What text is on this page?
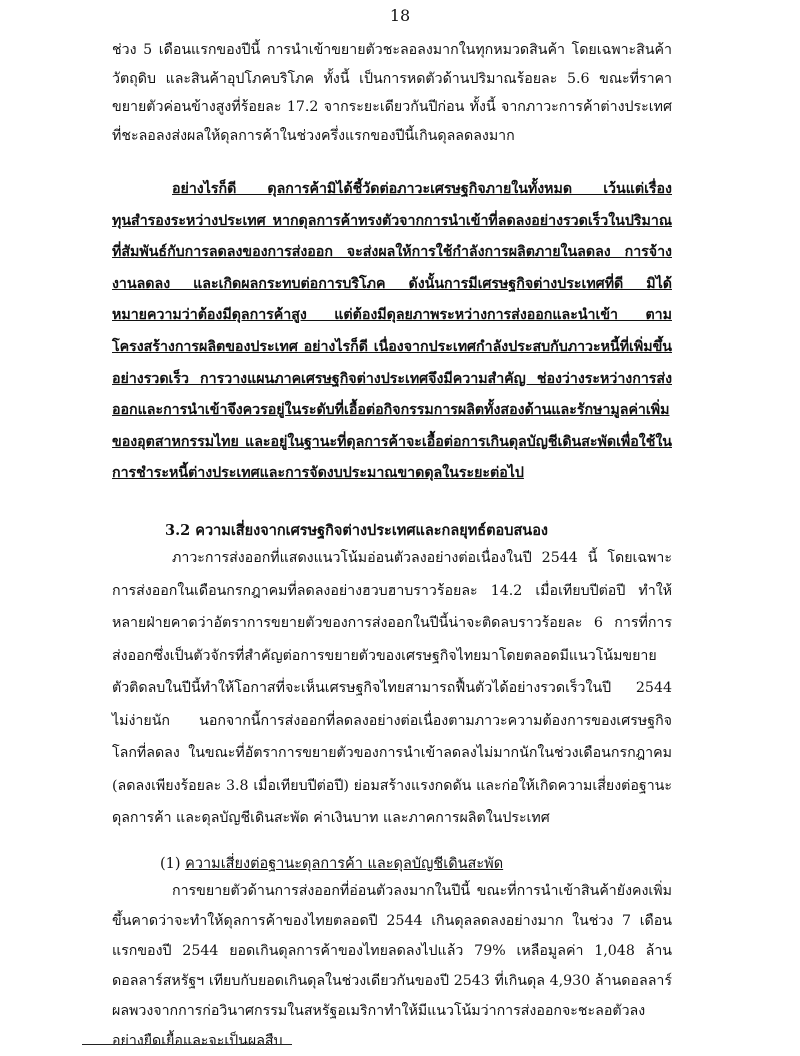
18

ช่วง 5 เดือนแรกของปีนี้ การนำเข้าขยายตัวชะลอลงมากในทุกหมวดสินค้า โดยเฉพาะสินค้าวัตถุดิบ และสินค้าอุปโภคบริโภค ทั้งนี้ เป็นการหดตัวด้านปริมาณร้อยละ 5.6 ขณะที่ราคาขยายตัวค่อนข้างสูงที่ร้อยละ 17.2 จากระยะเดียวกันปีก่อน ทั้งนี้ จากภาวะการค้าต่างประเทศที่ชะลอลงส่งผลให้ดุลการค้าในช่วงครึ่งแรกของปีนี้เกินดุลลดลงมาก

อย่างไรก็ดี ดุลการค้ามิได้ชี้วัดต่อภาวะเศรษฐกิจภายในทั้งหมด เว้นแต่เรื่องทุนสำรองระหว่างประเทศ หากดุลการค้าทรงตัวจากการนำเข้าที่ลดลงอย่างรวดเร็วในปริมาณที่สัมพันธ์กับการลดลงของการส่งออก จะส่งผลให้การใช้กำลังการผลิตภายในลดลง การจ้างงานลดลง และเกิดผลกระทบต่อการบริโภค ดังนั้นการมีเศรษฐกิจต่างประเทศที่ดี มิได้หมายความว่าต้องมีดุลการค้าสูง แต่ต้องมีดุลยภาพระหว่างการส่งออกและนำเข้า ตามโครงสร้างการผลิตของประเทศ อย่างไรก็ดี เนื่องจากประเทศกำลังประสบกับภาวะหนี้ที่เพิ่มขึ้นอย่างรวดเร็ว การวางแผนภาคเศรษฐกิจต่างประเทศจึงมีความสำคัญ ช่องว่างระหว่างการส่งออกและการนำเข้าจึงควรอยู่ในระดับที่เอื้อต่อกิจกรรมการผลิตทั้งสองด้านและรักษามูลค่าเพิ่มของอุตสาหกรรมไทย และอยู่ในฐานะที่ดุลการค้าจะเอื้อต่อการเกินดุลบัญชีเดินสะพัดเพื่อใช้ในการชำระหนี้ต่างประเทศและการจัดงบประมาณขาดดุลในระยะต่อไป

3.2 ความเสี่ยงจากเศรษฐกิจต่างประเทศและกลยุทธ์ตอบสนอง

ภาวะการส่งออกที่แสดงแนวโน้มอ่อนตัวลงอย่างต่อเนื่องในปี 2544 นี้ โดยเฉพาะการส่งออกในเดือนกรกฎาคมที่ลดลงอย่างฮวบฮาบราวร้อยละ 14.2 เมื่อเทียบปีต่อปี ทำให้หลายฝ่ายคาดว่าอัตราการขยายตัวของการส่งออกในปีนี้น่าจะติดลบราวร้อยละ 6 การที่การส่งออกซึ่งเป็นตัวจักรที่สำคัญต่อการขยายตัวของเศรษฐกิจไทยมาโดยตลอดมีแนวโน้มขยายตัวติดลบในปีนี้ทำให้โอกาสที่จะเห็นเศรษฐกิจไทยสามารถฟื้นตัวได้อย่างรวดเร็วในปี 2544 ไม่ง่ายนัก นอกจากนี้การส่งออกที่ลดลงอย่างต่อเนื่องตามภาวะความต้องการของเศรษฐกิจโลกที่ลดลง ในขณะที่อัตราการขยายตัวของการนำเข้าลดลงไม่มากนักในช่วงเดือนกรกฎาคม (ลดลงเพียงร้อยละ 3.8 เมื่อเทียบปีต่อปี) ย่อมสร้างแรงกดดัน และก่อให้เกิดความเสี่ยงต่อฐานะดุลการค้า และดุลบัญชีเดินสะพัด ค่าเงินบาท และภาคการผลิตในประเทศ

(1) ความเสี่ยงต่อฐานะดุลการค้า และดุลบัญชีเดินสะพัด

การขยายตัวด้านการส่งออกที่อ่อนตัวลงมากในปีนี้ ขณะที่การนำเข้าสินค้ายังคงเพิ่มขึ้นคาดว่าจะทำให้ดุลการค้าของไทยตลอดปี 2544 เกินดุลลดลงอย่างมาก ในช่วง 7 เดือนแรกของปี 2544 ยอดเกินดุลการค้าของไทยลดลงไปแล้ว 79% เหลือมูลค่า 1,048 ล้านดอลลาร์สหรัฐฯ เทียบกับยอดเกินดุลในช่วงเดียวกันของปี 2543 ที่เกินดุล 4,930 ล้านดอลลาร์ ผลพวงจากการก่อวินาศกรรมในสหรัฐอเมริกาทำให้มีแนวโน้มว่าการส่งออกจะชะลอตัวลงอย่างยืดเยื้อและจะเป็นผลสืบ
